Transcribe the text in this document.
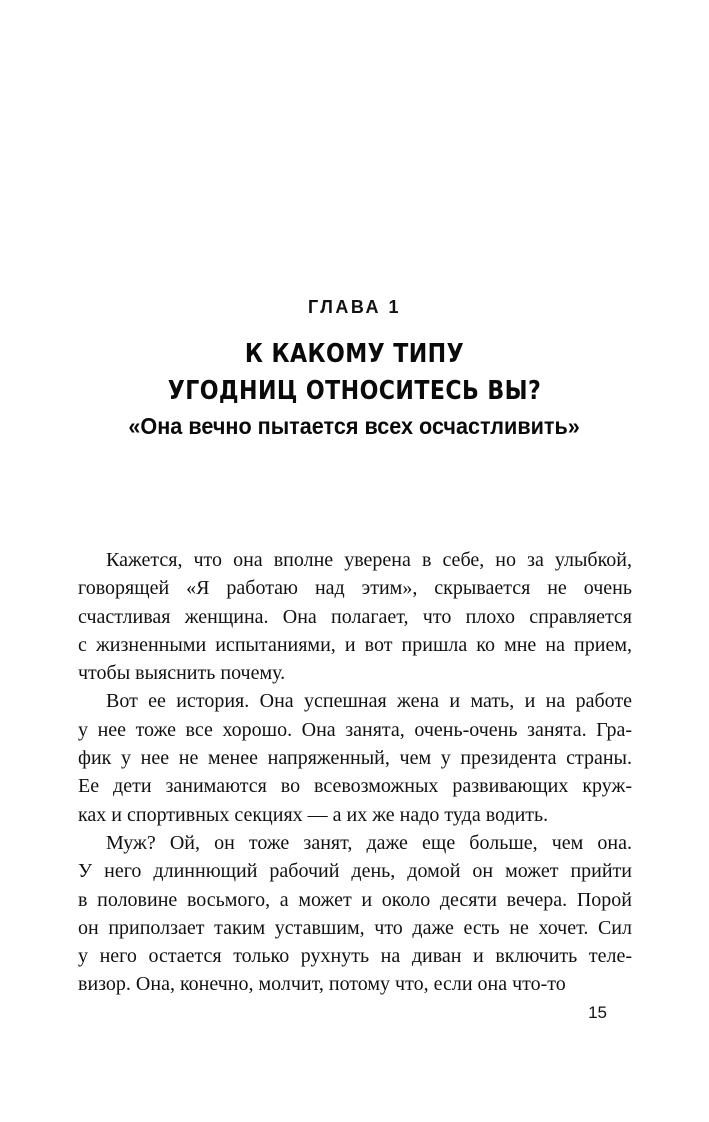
ГЛАВА 1
К КАКОМУ ТИПУ
УГОДНИЦ ОТНОСИТЕСЬ ВЫ?
«Она вечно пытается всех осчастливить»
Кажется, что она вполне уверена в себе, но за улыбкой,
говорящей «Я работаю над этим», скрывается не очень
счастливая женщина. Она полагает, что плохо справляется
с жизненными испытаниями, и вот пришла ко мне на прием,
чтобы выяснить почему.
Вот ее история. Она успешная жена и мать, и на работе
у нее тоже все хорошо. Она занята, очень-очень занята. Гра-
фик у нее не менее напряженный, чем у президента страны.
Ее дети занимаются во всевозможных развивающих круж-
ках и спортивных секциях — а их же надо туда водить.
Муж? Ой, он тоже занят, даже еще больше, чем она.
У него длиннющий рабочий день, домой он может прийти
в половине восьмого, а может и около десяти вечера. Порой
он приползает таким уставшим, что даже есть не хочет. Сил
у него остается только рухнуть на диван и включить теле-
визор. Она, конечно, молчит, потому что, если она что-то
15
